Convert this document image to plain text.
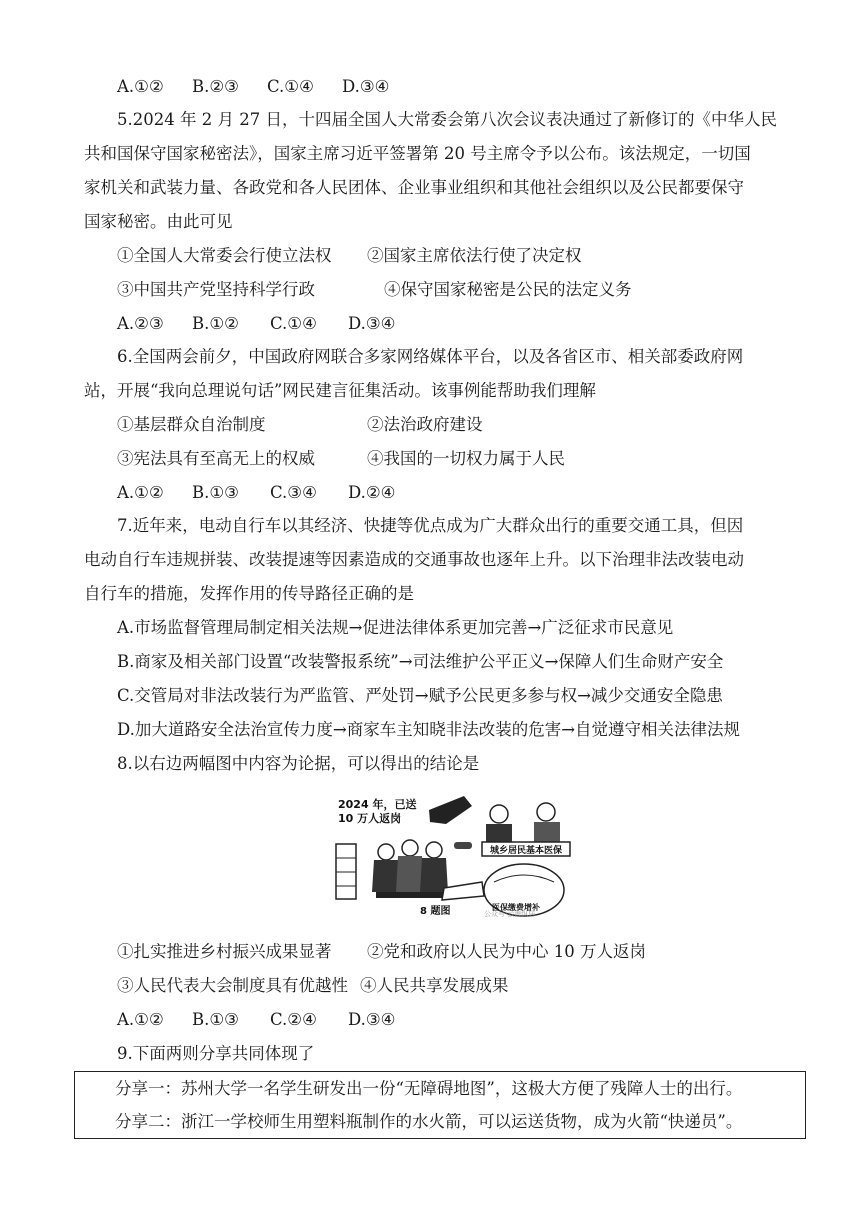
A.①② B.②③ C.①④ D.③④
5.2024 年 2 月 27 日，十四届全国人大常委会第八次会议表决通过了新修订的《中华人民
共和国保守国家秘密法》，国家主席习近平签署第 20 号主席令予以公布。该法规定，一切国
家机关和武装力量、各政党和各人民团体、企业事业组织和其他社会组织以及公民都要保守
国家秘密。由此可见
①全国人大常委会行使立法权 ②国家主席依法行使了决定权
③中国共产党坚持科学行政	④保守国家秘密是公民的法定义务
A.②③ B.①② C.①④ D.③④
6.全国两会前夕，中国政府网联合多家网络媒体平台，以及各省区市、相关部委政府网
站，开展“我向总理说句话”网民建言征集活动。该事例能帮助我们理解
①基层群众自治制度	②法治政府建设
③宪法具有至高无上的权威	④我国的一切权力属于人民
A.①② B.①③ C.③④ D.②④
7.近年来，电动自行车以其经济、快捷等优点成为广大群众出行的重要交通工具，但因
电动自行车违规拼装、改装提速等因素造成的交通事故也逐年上升。以下治理非法改装电动
自行车的措施，发挥作用的传导路径正确的是
A.市场监督管理局制定相关法规→促进法律体系更加完善→广泛征求市民意见
B.商家及相关部门设置“改装警报系统”→司法维护公平正义→保障人们生命财产安全
C.交管局对非法改装行为严监管、严处罚→赋予公民更多参与权→减少交通安全隐患
D.加大道路安全法治宣传力度→商家车主知晓非法改装的危害→自觉遵守相关法律法规
8.以右边两幅图中内容为论据，可以得出的结论是
2024 年，已送
10 万人返岗
城乡居民基本医保
医保缴费增补
8 题图	公众号·云海纵居
①扎实推进乡村振兴成果显著 ②党和政府以人民为中心 10 万人返岗
③人民代表大会制度具有优越性 ④人民共享发展成果
A.①② B.①③ C.②④ D.③④
9.下面两则分享共同体现了
分享一：苏州大学一名学生研发出一份“无障碍地图”，这极大方便了残障人士的出行。
分享二：浙江一学校师生用塑料瓶制作的水火箭，可以运送货物，成为火箭“快递员”。
